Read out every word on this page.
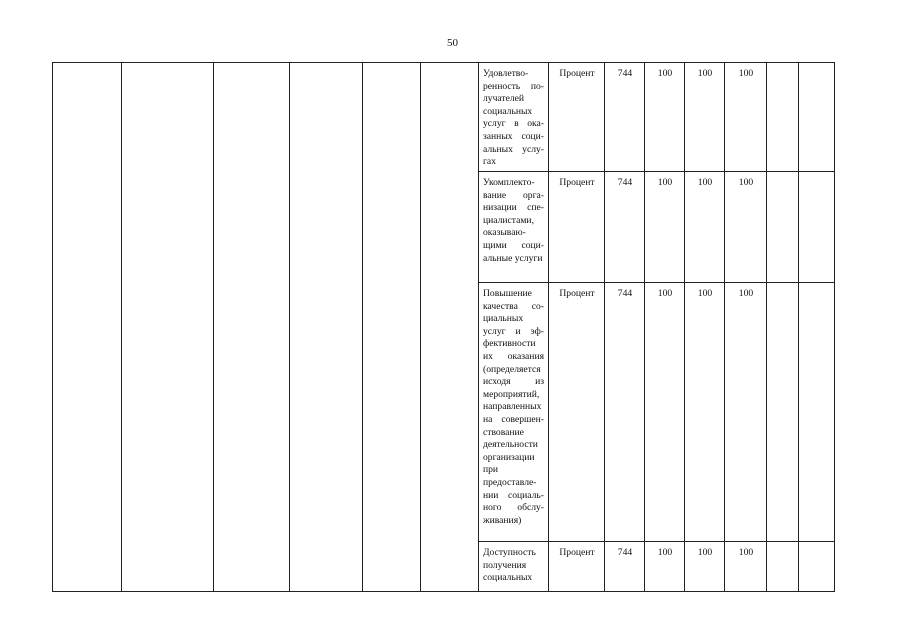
50
						Удовлетворенность получателей социальных услуг в оказанных социальных услугах	Процент	744	100	100	100		
						Укомплектование организации специалистами, оказывающими социальные услуги	Процент	744	100	100	100		
						Повышение качества социальных услуг и эффективности их оказания (определяется исходя из мероприятий, направленных на совершенствование деятельности организации при предоставлении социального обслуживания)	Процент	744	100	100	100		
						Доступность получения социальных	Процент	744	100	100	100		
